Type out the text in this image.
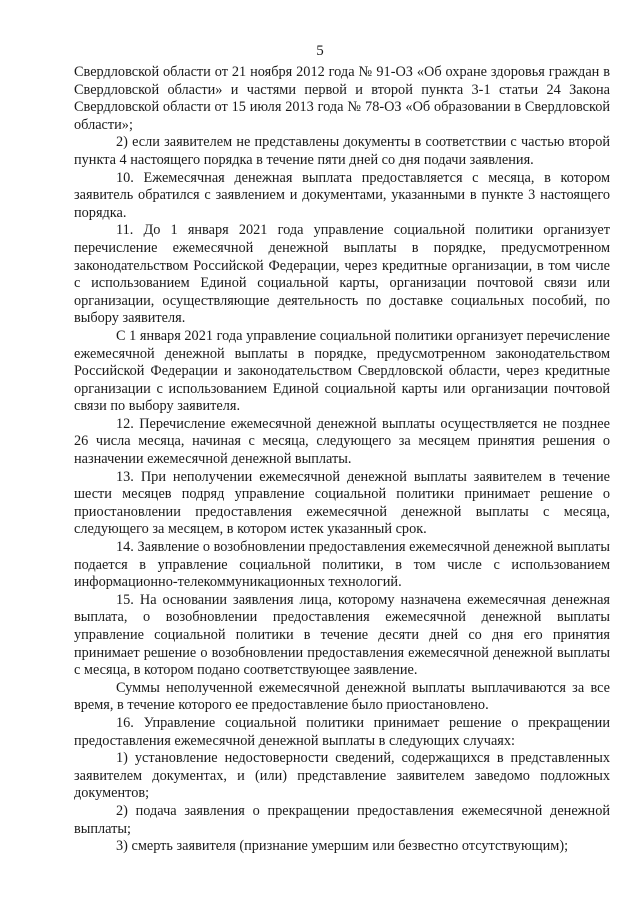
5

Свердловской области от 21 ноября 2012 года № 91-ОЗ «Об охране здоровья граждан в Свердловской области» и частями первой и второй пункта 3-1 статьи 24 Закона Свердловской области от 15 июля 2013 года № 78-ОЗ «Об образовании в Свердловской области»;

2) если заявителем не представлены документы в соответствии с частью второй пункта 4 настоящего порядка в течение пяти дней со дня подачи заявления.

10. Ежемесячная денежная выплата предоставляется с месяца, в котором заявитель обратился с заявлением и документами, указанными в пункте 3 настоящего порядка.

11. До 1 января 2021 года управление социальной политики организует перечисление ежемесячной денежной выплаты в порядке, предусмотренном законодательством Российской Федерации, через кредитные организации, в том числе с использованием Единой социальной карты, организации почтовой связи или организации, осуществляющие деятельность по доставке социальных пособий, по выбору заявителя.

С 1 января 2021 года управление социальной политики организует перечисление ежемесячной денежной выплаты в порядке, предусмотренном законодательством Российской Федерации и законодательством Свердловской области, через кредитные организации с использованием Единой социальной карты или организации почтовой связи по выбору заявителя.

12. Перечисление ежемесячной денежной выплаты осуществляется не позднее 26 числа месяца, начиная с месяца, следующего за месяцем принятия решения о назначении ежемесячной денежной выплаты.

13. При неполучении ежемесячной денежной выплаты заявителем в течение шести месяцев подряд управление социальной политики принимает решение о приостановлении предоставления ежемесячной денежной выплаты с месяца, следующего за месяцем, в котором истек указанный срок.

14. Заявление о возобновлении предоставления ежемесячной денежной выплаты подается в управление социальной политики, в том числе с использованием информационно-телекоммуникационных технологий.

15. На основании заявления лица, которому назначена ежемесячная денежная выплата, о возобновлении предоставления ежемесячной денежной выплаты управление социальной политики в течение десяти дней со дня его принятия принимает решение о возобновлении предоставления ежемесячной денежной выплаты с месяца, в котором подано соответствующее заявление.

Суммы неполученной ежемесячной денежной выплаты выплачиваются за все время, в течение которого ее предоставление было приостановлено.

16. Управление социальной политики принимает решение о прекращении предоставления ежемесячной денежной выплаты в следующих случаях:

1) установление недостоверности сведений, содержащихся в представленных заявителем документах, и (или) представление заявителем заведомо подложных документов;

2) подача заявления о прекращении предоставления ежемесячной денежной выплаты;

3) смерть заявителя (признание умершим или безвестно отсутствующим);
